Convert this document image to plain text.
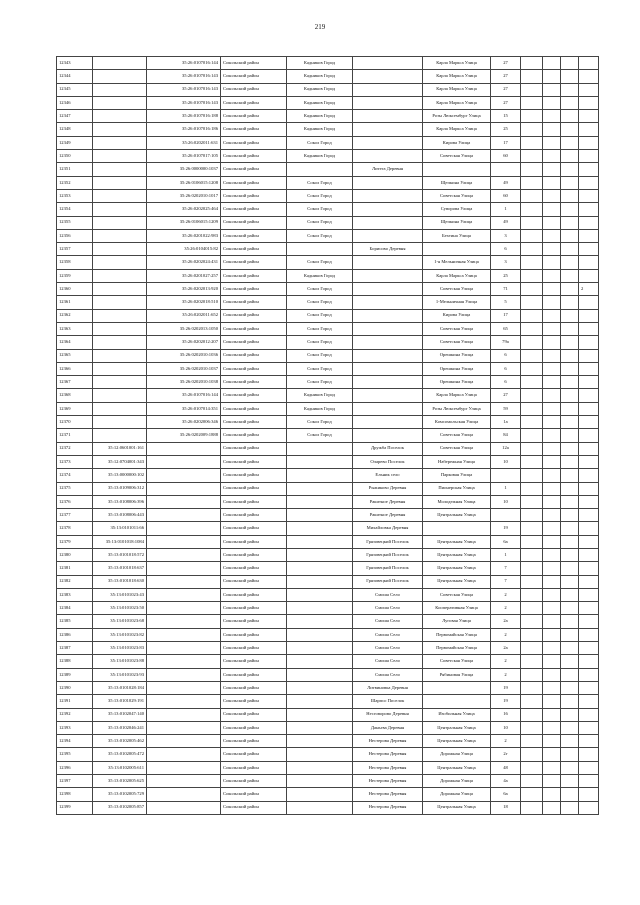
219
12343		35:26:0107016:144	Сокольский район	Кадников Город		Карла Маркса Улица	27				
12344		35:26:0107016:143	Сокольский район	Кадников Город		Карла Маркса Улица	27				
12345		35:26:0107016:143	Сокольский район	Кадников Город		Карла Маркса Улица	27				
12346		35:26:0107016:143	Сокольский район	Кадников Город		Карла Маркса Улица	27				
12347		35:26:0107016:188	Сокольский район	Кадников Город		Розы Люксембург Улица	15				
12348		35:26:0107016:186	Сокольский район	Кадников Город		Карла Маркса Улица	25				
12349		35:26:0202011:631	Сокольский район	Сокол Город		Кирова Улица	17				
12350		35:26:0107017:105	Сокольский район	Кадников Город		Советская Улица	60				
12351		35:26:0000000:1037	Сокольский район		Литега Деревня						
12352		35:26:0106015:1208	Сокольский район	Сокол Город		Щепкина Улица	49				
12353		35:26:0202010:1017	Сокольский район	Сокол Город		Советская Улица	60				
12354		35:26:0202025:464	Сокольский район	Сокол Город		Суворова Улица	1				
12355		35:26:0106015:1209	Сокольский район	Сокол Город		Щепкина Улица	49				
12356		35:26:0201022:983	Сокольский район	Сокол Город		Бехтина Улица	3				
12357		35:26:0104015:82	Сокольский район		Борисово Деревня		6				
12358		35:26:0202024:431	Сокольский район	Сокол Город		1-я Мельничная Улица	3				
12359		35:26:0201027:257	Сокольский район	Кадников Город		Карла Маркса Улица	25				
12360		35:26:0202013:920	Сокольский район	Сокол Город		Советская Улица	71				2
12361		35:26:0202018:510	Сокольский район	Сокол Город		1-Мельничная Улица	5				
12362		35:26:0202011:652	Сокольский район	Сокол Город		Кирова Улица	17				
12363		35:26:0202013:1050	Сокольский район	Сокол Город		Советская Улица	65				
12364		35:26:0202012:207	Сокольский район	Сокол Город		Советская Улица	79а				
12365		35:26:0202010:1036	Сокольский район	Сокол Город		Орешкина Улица	6				
12366		35:26:0202010:1037	Сокольский район	Сокол Город		Орешкина Улица	6				
12367		35:26:0202010:1038	Сокольский район	Сокол Город		Орешкина Улица	6				
12368		35:26:0107016:144	Сокольский район	Кадников Город		Карла Маркса Улица	27				
12369		35:26:0107014:351	Сокольский район	Кадников Город		Розы Люксембург Улица	59				
12370		35:26:0202006:346	Сокольский район	Сокол Город		Комсомольская Улица	1а				
12371		35:26:0202009:1888	Сокольский район	Сокол Город		Советская Улица	84				
12372	35:12:0601001:161		Сокольский район		Дружба Поселок	Советская Улица	12а				
12373	35:12:0704001:343		Сокольский район		Оларево Поселок	Набережная Улица	10				
12374	35:13:0000000:102		Сокольский район		Ельник село	Парковая Улица					
12375	35:13:0109006:312		Сокольский район		Рыжиково Деревня	Пионерская Улица	1				
12376	35:13:0108006:396		Сокольский район		Ракитное Деревня	Молодежная Улица	10				
12377	35:13:0108006:443		Сокольский район		Ракитное Деревня	Центральная Улица					
12378	35:13:0101011:66		Сокольский район		Михайловка Деревня		19				
12379	35:13:0101018:1084		Сокольский район		Грязовецкий Поселок	Центральная Улица	6а				
12380	35:13:0101018:572		Сокольский район		Грязовецкий Поселок	Центральная Улица	1				
12381	35:13:0101018:637		Сокольский район		Грязовецкий Поселок	Центральная Улица	7				
12382	35:13:0101018:630		Сокольский район		Грязовецкий Поселок	Центральная Улица	7				
12383	35:13:0101023:43		Сокольский район		Смоша Село	Советская Улица	2				
12384	35:13:0101023:50		Сокольский район		Смоша Село	Кооперативная Улица	2				
12385	35:13:0101023:68		Сокольский район		Смоша Село	Луговая Улица	2а				
12386	35:13:0101023:82		Сокольский район		Смоша Село	Первомайская Улица	2				
12387	35:13:0101023:83		Сокольский район		Смоша Село	Первомайская Улица	2а				
12388	35:13:0101023:88		Сокольский район		Смоша Село	Советская Улица	2				
12389	35:13:0101023:93		Сокольский район		Смоша Село	Рябиновая Улица	2				
12390	35:13:0101028:184		Сокольский район		Литвиновка Деревня		19				
12391	35:13:0101029:191		Сокольский район		Шарпсо Поселок		19				
12392	35:13:0102047:140		Сокольский район		Несговорово Деревня	Изобильная Улица	16				
12393	35:13:0102046:241		Сокольский район		Даньгва Деревня	Центральная Улица	10				
12394	35:13:0102005:462		Сокольский район		Нестерова Деревня	Центральная Улица	2				
12395	35:13:0102005:472		Сокольский район		Нестерова Деревня	Дорожная Улица	2г				
12396	35:13:0102005:611		Сокольский район		Нестерова Деревня	Центральная Улица	48				
12397	35:13:0102005:625		Сокольский район		Нестерова Деревня	Дорожная Улица	4а				
12398	35:13:0102005:729		Сокольский район		Нестерова Деревня	Дорожная Улица	6а				
12399	35:13:0102005:857		Сокольский район		Нестерова Деревня	Центральная Улица	18				
